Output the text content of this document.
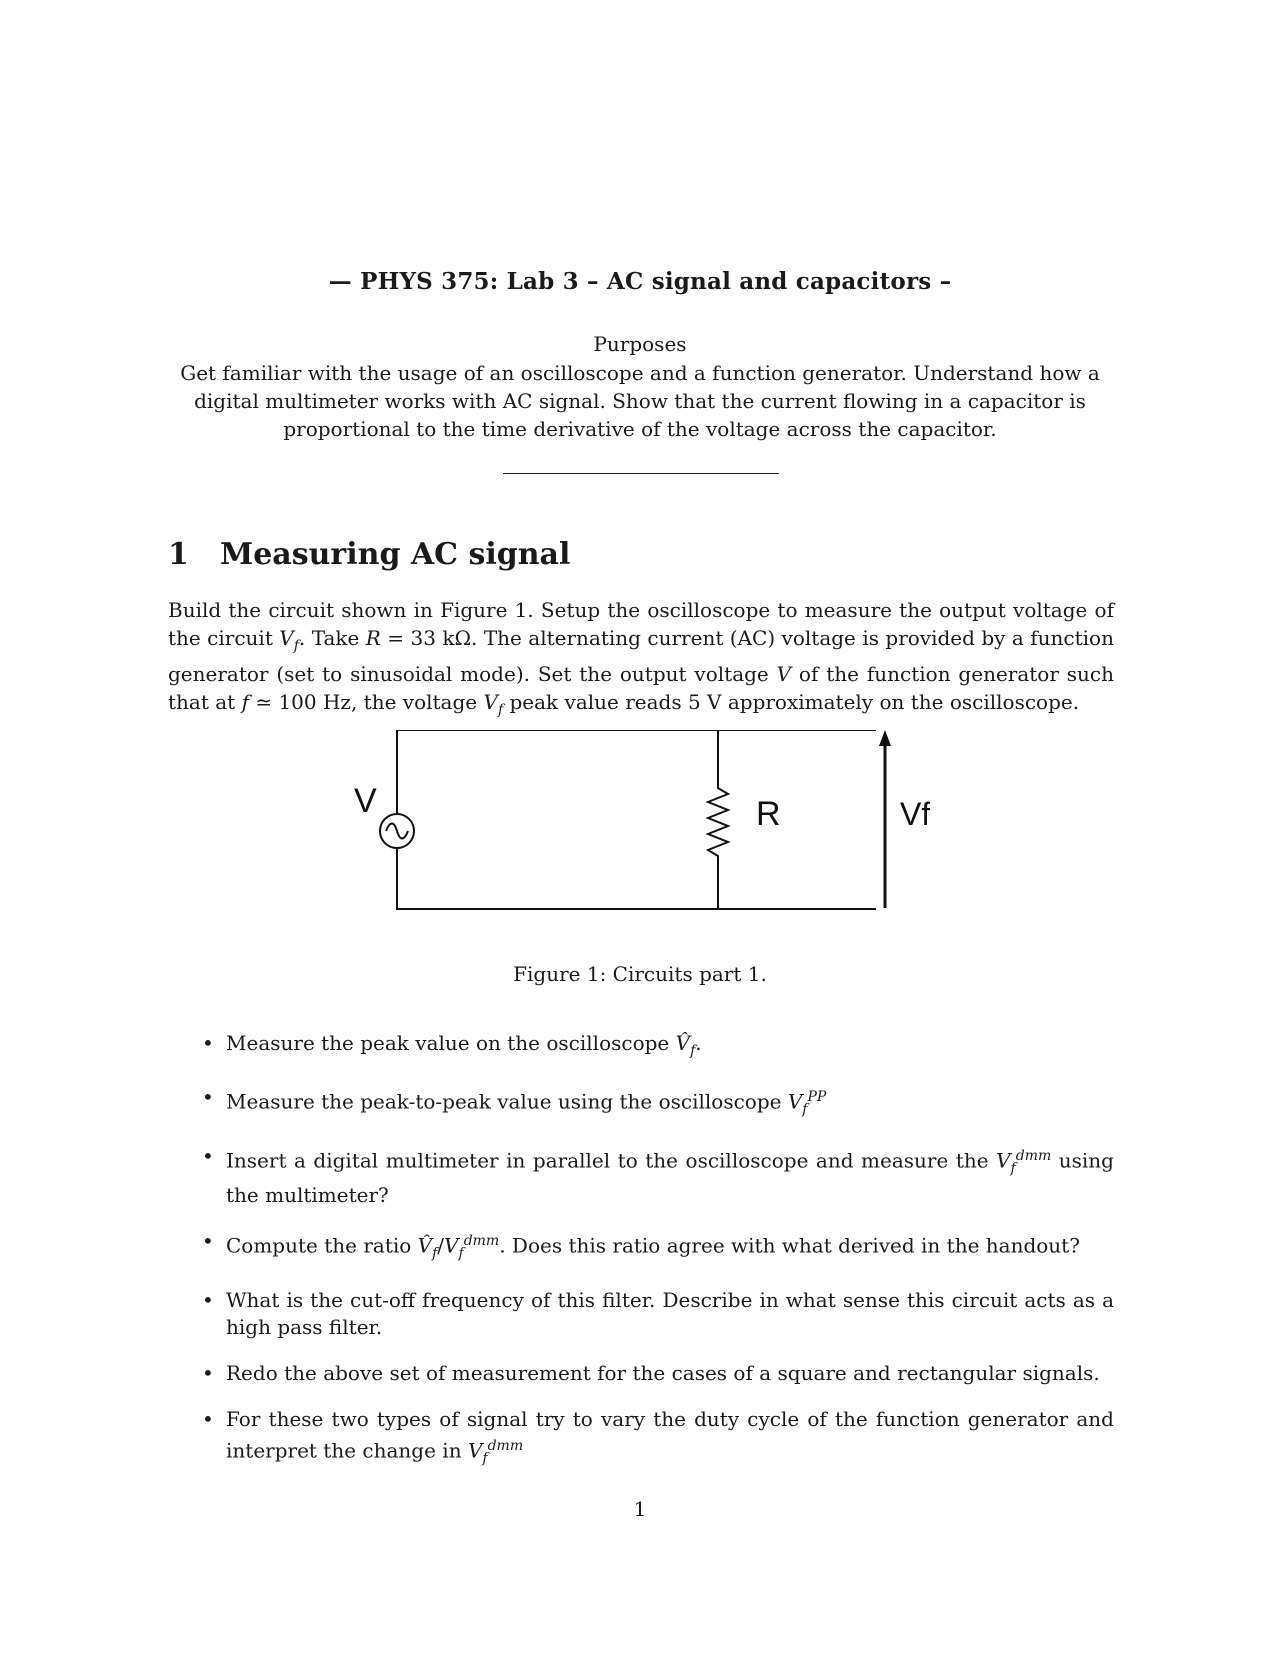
— PHYS 375: Lab 3 – AC signal and capacitors –
Purposes
Get familiar with the usage of an oscilloscope and a function generator. Understand how a digital multimeter works with AC signal. Show that the current flowing in a capacitor is proportional to the time derivative of the voltage across the capacitor.
1 Measuring AC signal
Build the circuit shown in Figure 1. Setup the oscilloscope to measure the output voltage of the circuit $V_f$. Take R = 33 kΩ. The alternating current (AC) voltage is provided by a function generator (set to sinusoidal mode). Set the output voltage V of the function generator such that at f ≃ 100 Hz, the voltage $V_f$ peak value reads 5 V approximately on the oscilloscope.
V	R	Vf
Figure 1: Circuits part 1.
• Measure the peak value on the oscilloscope $V̂_f$.
• Measure the peak-to-peak value using the oscilloscope $V_f^{PP}$
• Insert a digital multimeter in parallel to the oscilloscope and measure the $V_f^{dmm}$ using the multimeter?
• Compute the ratio $V̂_f/V_f^{dmm}$. Does this ratio agree with what derived in the handout?
• What is the cut-off frequency of this filter. Describe in what sense this circuit acts as a high pass filter.
• Redo the above set of measurement for the cases of a square and rectangular signals.
• For these two types of signal try to vary the duty cycle of the function generator and interpret the change in $V_f^{dmm}$
1
